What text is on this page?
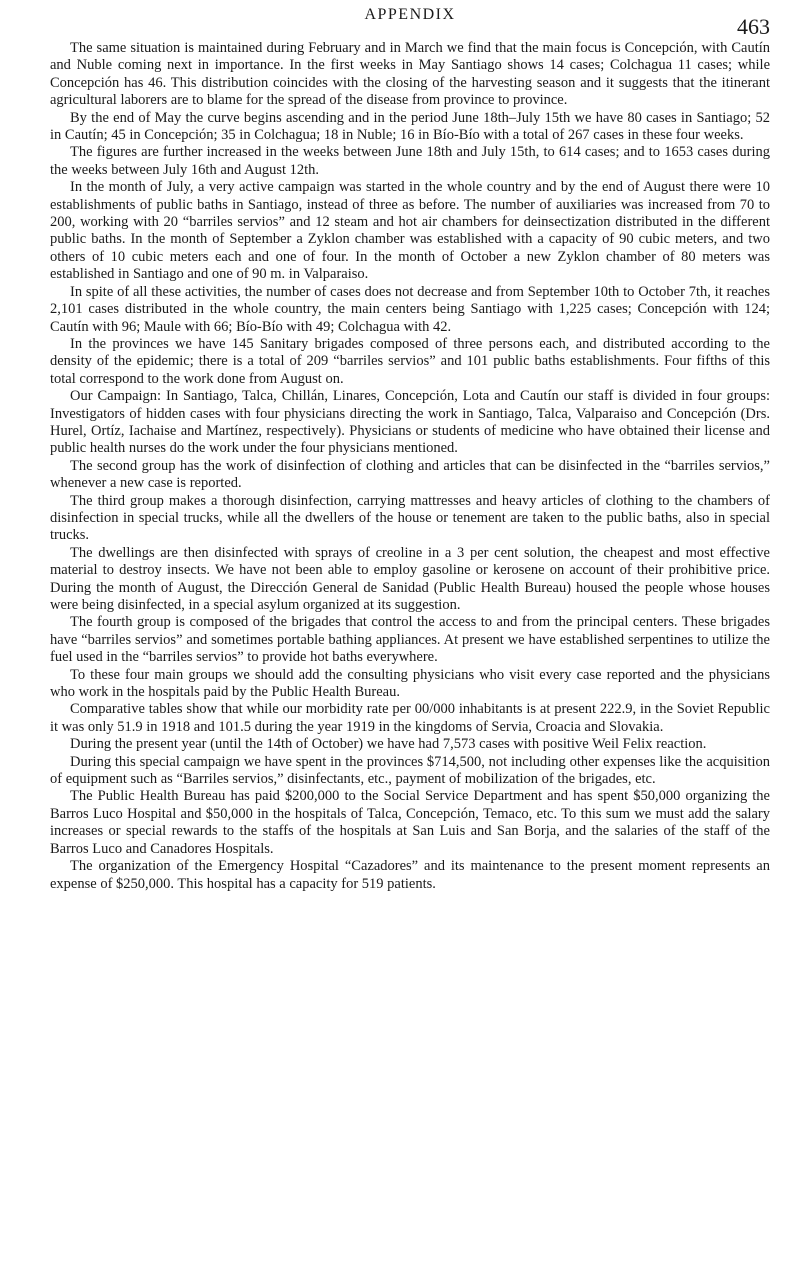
APPENDIX	463

The same situation is maintained during February and in March we find that the main focus is Concepción, with Cautín and Nuble coming next in importance. In the first weeks in May Santiago shows 14 cases; Colchagua 11 cases; while Concepción has 46. This distribution coincides with the closing of the harvesting season and it suggests that the itinerant agricultural laborers are to blame for the spread of the disease from province to province.

By the end of May the curve begins ascending and in the period June 18th–July 15th we have 80 cases in Santiago; 52 in Cautín; 45 in Concepción; 35 in Colchagua; 18 in Nuble; 16 in Bío-Bío with a total of 267 cases in these four weeks.

The figures are further increased in the weeks between June 18th and July 15th, to 614 cases; and to 1653 cases during the weeks between July 16th and August 12th.

In the month of July, a very active campaign was started in the whole country and by the end of August there were 10 establishments of public baths in Santiago, instead of three as before. The number of auxiliaries was increased from 70 to 200, working with 20 “barriles servios” and 12 steam and hot air chambers for deinsectization distributed in the different public baths. In the month of September a Zyklon chamber was established with a capacity of 90 cubic meters, and two others of 10 cubic meters each and one of four. In the month of October a new Zyklon chamber of 80 meters was established in Santiago and one of 90 m. in Valparaiso.

In spite of all these activities, the number of cases does not decrease and from September 10th to October 7th, it reaches 2,101 cases distributed in the whole country, the main centers being Santiago with 1,225 cases; Concepción with 124; Cautín with 96; Maule with 66; Bío-Bío with 49; Colchagua with 42.

In the provinces we have 145 Sanitary brigades composed of three persons each, and distributed according to the density of the epidemic; there is a total of 209 “barriles servios” and 101 public baths establishments. Four fifths of this total correspond to the work done from August on.

Our Campaign: In Santiago, Talca, Chillán, Linares, Concepción, Lota and Cautín our staff is divided in four groups: Investigators of hidden cases with four physicians directing the work in Santiago, Talca, Valparaiso and Concepción (Drs. Hurel, Ortíz, Iachaise and Martínez, respectively). Physicians or students of medicine who have obtained their license and public health nurses do the work under the four physicians mentioned.

The second group has the work of disinfection of clothing and articles that can be disinfected in the “barriles servios,” whenever a new case is reported.

The third group makes a thorough disinfection, carrying mattresses and heavy articles of clothing to the chambers of disinfection in special trucks, while all the dwellers of the house or tenement are taken to the public baths, also in special trucks.

The dwellings are then disinfected with sprays of creoline in a 3 per cent solution, the cheapest and most effective material to destroy insects. We have not been able to employ gasoline or kerosene on account of their prohibitive price. During the month of August, the Dirección General de Sanidad (Public Health Bureau) housed the people whose houses were being disinfected, in a special asylum organized at its suggestion.

The fourth group is composed of the brigades that control the access to and from the principal centers. These brigades have “barriles servios” and sometimes portable bathing appliances. At present we have established serpentines to utilize the fuel used in the “barriles servios” to provide hot baths everywhere.

To these four main groups we should add the consulting physicians who visit every case reported and the physicians who work in the hospitals paid by the Public Health Bureau.

Comparative tables show that while our morbidity rate per 00/000 inhabitants is at present 222.9, in the Soviet Republic it was only 51.9 in 1918 and 101.5 during the year 1919 in the kingdoms of Servia, Croacia and Slovakia.

During the present year (until the 14th of October) we have had 7,573 cases with positive Weil Felix reaction.

During this special campaign we have spent in the provinces $714,500, not including other expenses like the acquisition of equipment such as “Barriles servios,” disinfectants, etc., payment of mobilization of the brigades, etc.

The Public Health Bureau has paid $200,000 to the Social Service Department and has spent $50,000 organizing the Barros Luco Hospital and $50,000 in the hospitals of Talca, Concepción, Temaco, etc. To this sum we must add the salary increases or special rewards to the staffs of the hospitals at San Luis and San Borja, and the salaries of the staff of the Barros Luco and Canadores Hospitals.

The organization of the Emergency Hospital “Cazadores” and its maintenance to the present moment represents an expense of $250,000. This hospital has a capacity for 519 patients.
